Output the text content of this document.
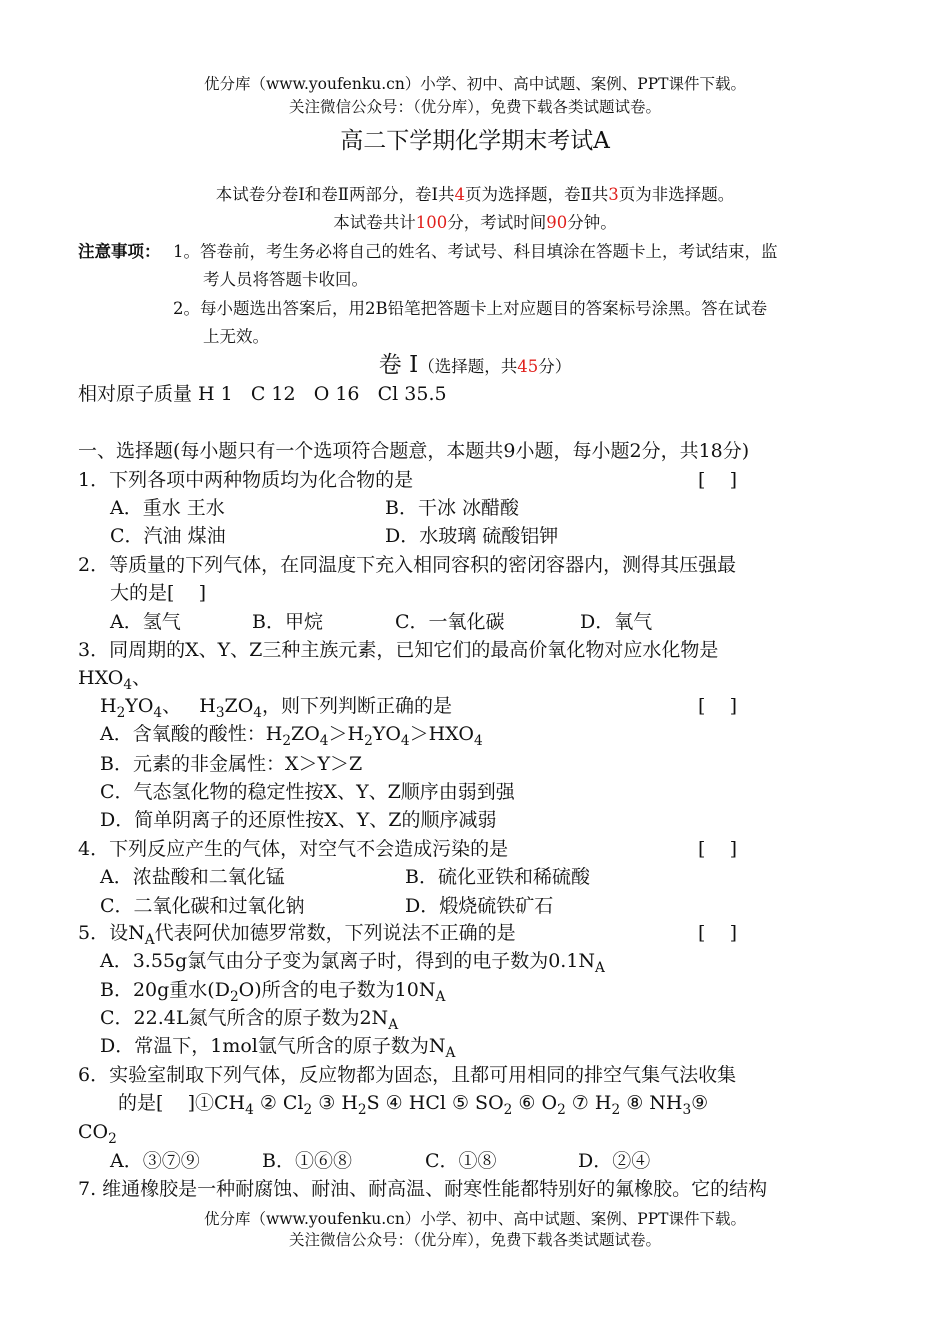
优分库（www.youfenku.cn）小学、初中、高中试题、案例、PPT课件下载。
关注微信公众号：（优分库），免费下载各类试题试卷。
高二下学期化学期末考试A
本试卷分卷Ⅰ和卷Ⅱ两部分，卷Ⅰ共4页为选择题，卷Ⅱ共3页为非选择题。
本试卷共计100分，考试时间90分钟。
注意事项： 1。答卷前，考生务必将自己的姓名、考试号、科目填涂在答题卡上，考试结束，监
考人员将答题卡收回。
2。每小题选出答案后，用2B铅笔把答题卡上对应题目的答案标号涂黑。答在试卷
上无效。
卷 Ⅰ（选择题，共45分）
相对原子质量 H 1   C 12   O 16   Cl 35.5
一、选择题(每小题只有一个选项符合题意，本题共9小题，每小题2分，共18分)
1．下列各项中两种物质均为化合物的是	[    ]
A．重水 王水	B．干冰 冰醋酸
C．汽油 煤油	D．水玻璃 硫酸铝钾
2．等质量的下列气体，在同温度下充入相同容积的密闭容器内，测得其压强最
大的是[    ]
A．氢气	B．甲烷	C．一氧化碳	D．氧气
3．同周期的X、Y、Z三种主族元素，已知它们的最高价氧化物对应水化物是
$HXO_4$、
$H_2YO_4$、   $H_3ZO_4$，则下列判断正确的是	[    ]
A．含氧酸的酸性：$H_2ZO_4>H_2YO_4>HXO_4$
B．元素的非金属性：X＞Y＞Z
C．气态氢化物的稳定性按X、Y、Z顺序由弱到强
D．简单阴离子的还原性按X、Y、Z的顺序减弱
4．下列反应产生的气体，对空气不会造成污染的是	[    ]
A．浓盐酸和二氧化锰	B．硫化亚铁和稀硫酸
C．二氧化碳和过氧化钠	D．煅烧硫铁矿石
5．设$N_A$代表阿伏加德罗常数，下列说法不正确的是	[    ]
A．3.55g氯气由分子变为氯离子时，得到的电子数为$0.1N_A$
B．20g重水$(D_2O)$所含的电子数为$10N_A$
C．22.4L氮气所含的原子数为$2N_A$
D．常温下，1mol氩气所含的原子数为$N_A$
6．实验室制取下列气体，反应物都为固态，且都可用相同的排空气集气法收集
的是[    ]$①CH_4$ ② $Cl_2$ ③ $H_2S$ ④ HCl ⑤ $SO_2$ ⑥ $O_2$ ⑦ $H_2$ ⑧ $NH_3⑨$
$CO_2$
A．③⑦⑨	B．①⑥⑧	C．①⑧	D．②④
7. 维通橡胶是一种耐腐蚀、耐油、耐高温、耐寒性能都特别好的氟橡胶。它的结构
优分库（www.youfenku.cn）小学、初中、高中试题、案例、PPT课件下载。
关注微信公众号：（优分库），免费下载各类试题试卷。
